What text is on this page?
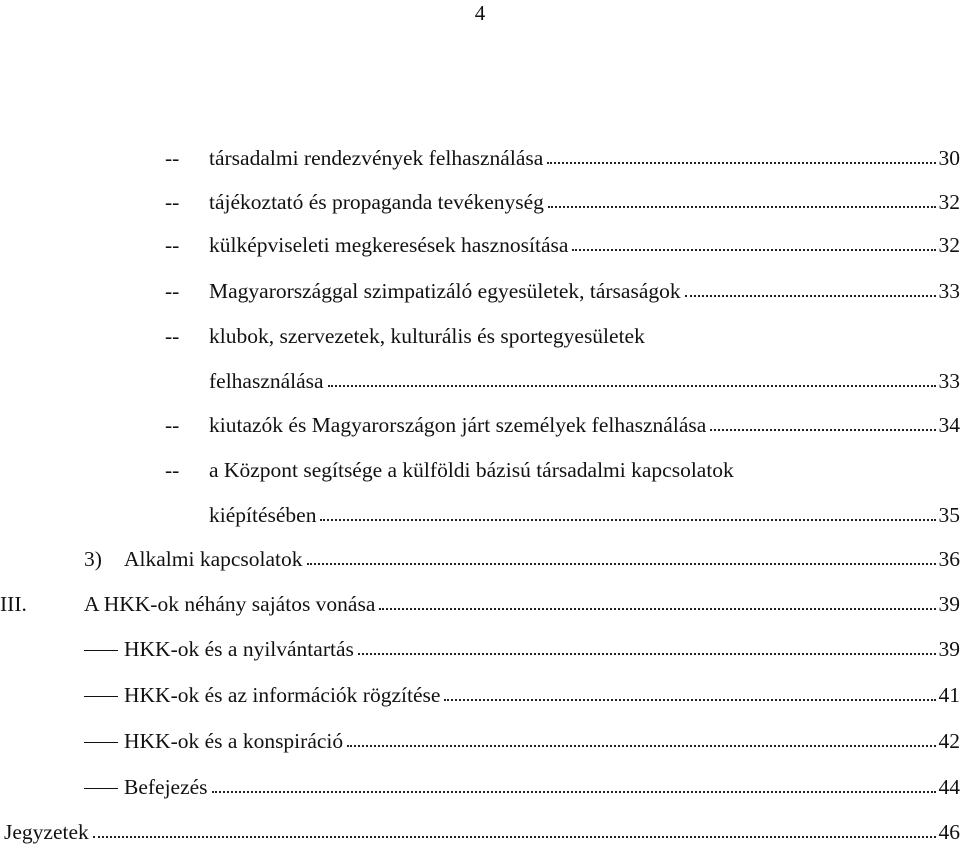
4
-- társadalmi rendezvények felhasználása	30
-- tájékoztató és propaganda tevékenység	32
-- külképviseleti megkeresések hasznosítása	32
-- Magyarországgal szimpatizáló egyesületek, társaságok	33
-- klubok, szervezetek, kulturális és sportegyesületek
felhasználása	33
-- kiutazók és Magyarországon járt személyek felhasználása	34
-- a Központ segítsége a külföldi bázisú társadalmi kapcsolatok
kiépítésében	35
3) Alkalmi kapcsolatok	36
III.	A HKK-ok néhány sajátos vonása	39
HKK-ok és a nyilvántartás	39
HKK-ok és az információk rögzítése	41
HKK-ok és a konspiráció	42
Befejezés	44
Jegyzetek	46
